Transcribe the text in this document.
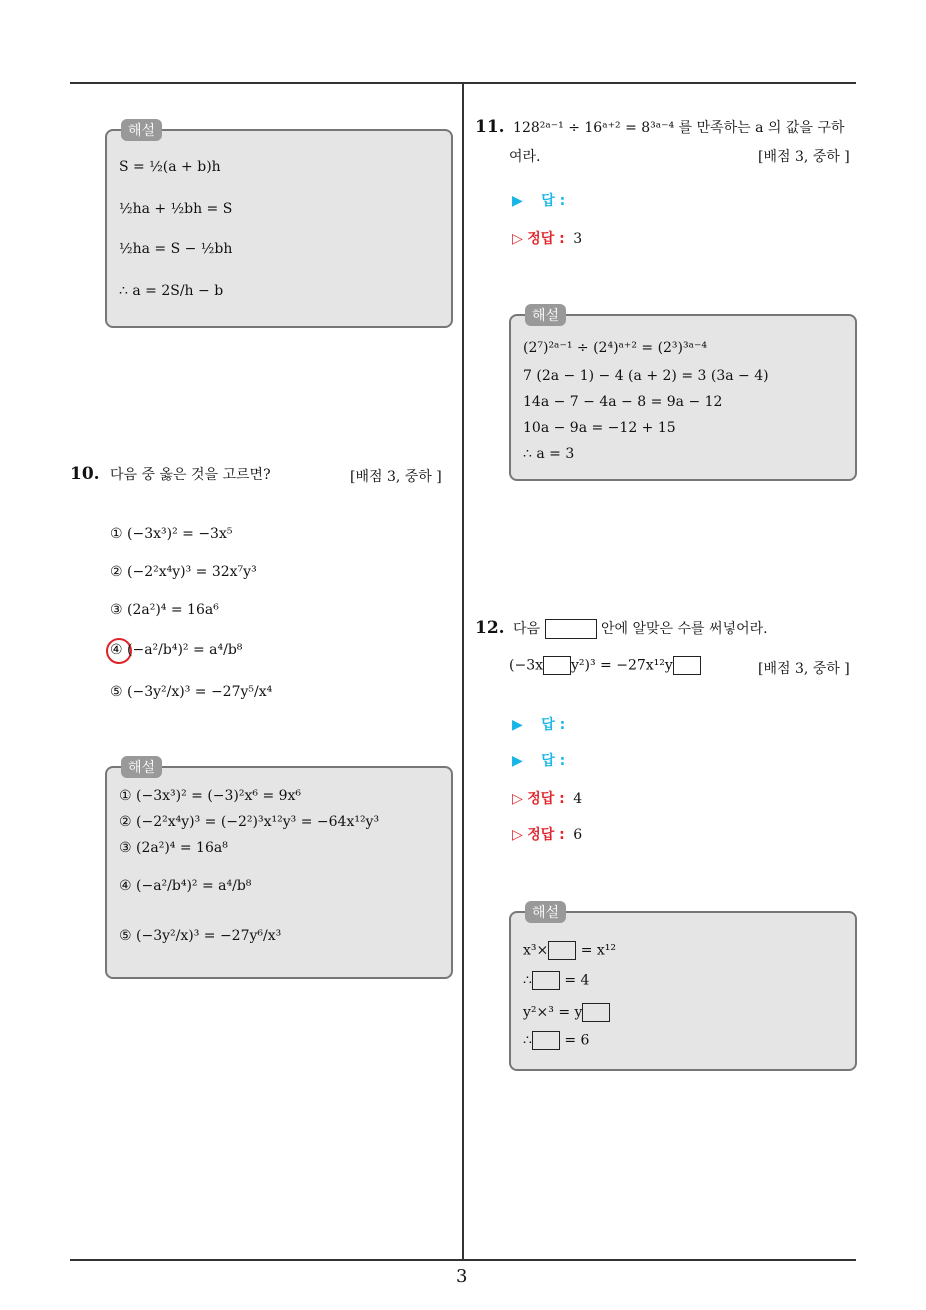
3
해설
S = ½(a + b)h
½ha + ½bh = S
½ha = S − ½bh
∴ a = 2S/h − b
10. 다음 중 옳은 것을 고르면?	[배점 3, 중하 ]
① (−3x³)² = −3x⁵
② (−2²x⁴y)³ = 32x⁷y³
③ (2a²)⁴ = 16a⁶
④ (−a²/b⁴)² = a⁴/b⁸
⑤ (−3y²/x)³ = −27y⁵/x⁴
해설
① (−3x³)² = (−3)²x⁶ = 9x⁶
② (−2²x⁴y)³ = (−2²)³x¹²y³ = −64x¹²y³
③ (2a²)⁴ = 16a⁸
④ (−a²/b⁴)² = a⁴/b⁸
⑤ (−3y²/x)³ = −27y⁶/x³
11. 128²ᵃ⁻¹ ÷ 16ᵃ⁺² = 8³ᵃ⁻⁴ 를 만족하는 a 의 값을 구하
여라.	[배점 3, 중하 ]
▶ 답 :
▷ 정답 : 3
해설
(2⁷)²ᵃ⁻¹ ÷ (2⁴)ᵃ⁺² = (2³)³ᵃ⁻⁴
7 (2a − 1) − 4 (a + 2) = 3 (3a − 4)
14a − 7 − 4a − 8 = 9a − 12
10a − 9a = −12 + 15
∴ a = 3
12. 다음	안에 알맞은 수를 써넣어라.
(−3x y²)³ = −27x¹²y	[배점 3, 중하 ]
▶ 답 :
▶ 답 :
▷ 정답 : 4
▷ 정답 : 6
해설
x³× = x¹²
∴ = 4
y²×³ = y
∴ = 6
